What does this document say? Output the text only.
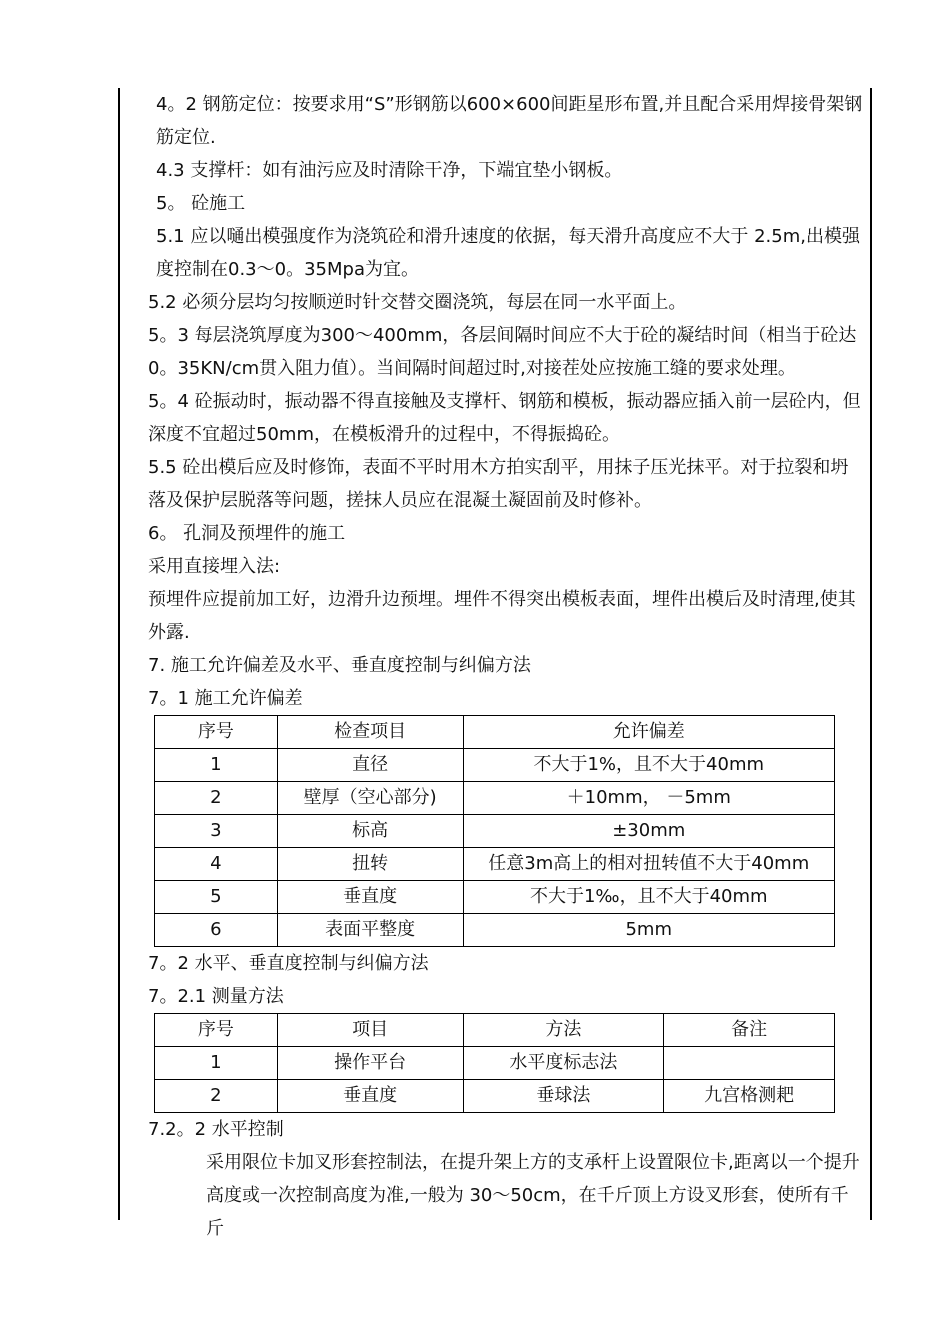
4。2 钢筋定位：按要求用“S”形钢筋以600×600间距星形布置,并且配合采用焊接骨架钢筋定位.

4.3 支撑杆：如有油污应及时清除干净，下端宜垫小钢板。

5。 砼施工

5.1 应以嗵出模强度作为浇筑砼和滑升速度的依据，每天滑升高度应不大于 2.5m,出模强度控制在0.3～0。35Mpa为宜。

5.2 必须分层均匀按顺逆时针交替交圈浇筑，每层在同一水平面上。

5。3 每层浇筑厚度为300～400mm，各层间隔时间应不大于砼的凝结时间（相当于砼达0。35KN/cm贯入阻力值）。当间隔时间超过时,对接茬处应按施工缝的要求处理。

5。4 砼振动时，振动器不得直接触及支撑杆、钢筋和模板，振动器应插入前一层砼内，但深度不宜超过50mm，在模板滑升的过程中，不得振捣砼。

5.5 砼出模后应及时修饰，表面不平时用木方拍实刮平，用抹子压光抹平。对于拉裂和坍落及保护层脱落等问题，搓抹人员应在混凝土凝固前及时修补。

6。 孔洞及预埋件的施工

采用直接埋入法:

预埋件应提前加工好，边滑升边预埋。埋件不得突出模板表面，埋件出模后及时清理,使其外露.

7. 施工允许偏差及水平、垂直度控制与纠偏方法

7。1 施工允许偏差

序号	检查项目	允许偏差
1	直径	不大于1%，且不大于40mm
2	壁厚（空心部分)	＋10mm， －5mm
3	标高	±30mm
4	扭转	任意3m高上的相对扭转值不大于40mm
5	垂直度	不大于1‰，且不大于40mm
6	表面平整度	5mm

7。2 水平、垂直度控制与纠偏方法

7。2.1 测量方法

序号	项目	方法	备注
1	操作平台	水平度标志法	
2	垂直度	垂球法	九宫格测耙

7.2。2 水平控制

采用限位卡加叉形套控制法，在提升架上方的支承杆上设置限位卡,距离以一个提升高度或一次控制高度为准,一般为 30～50cm，在千斤顶上方设叉形套，使所有千斤
